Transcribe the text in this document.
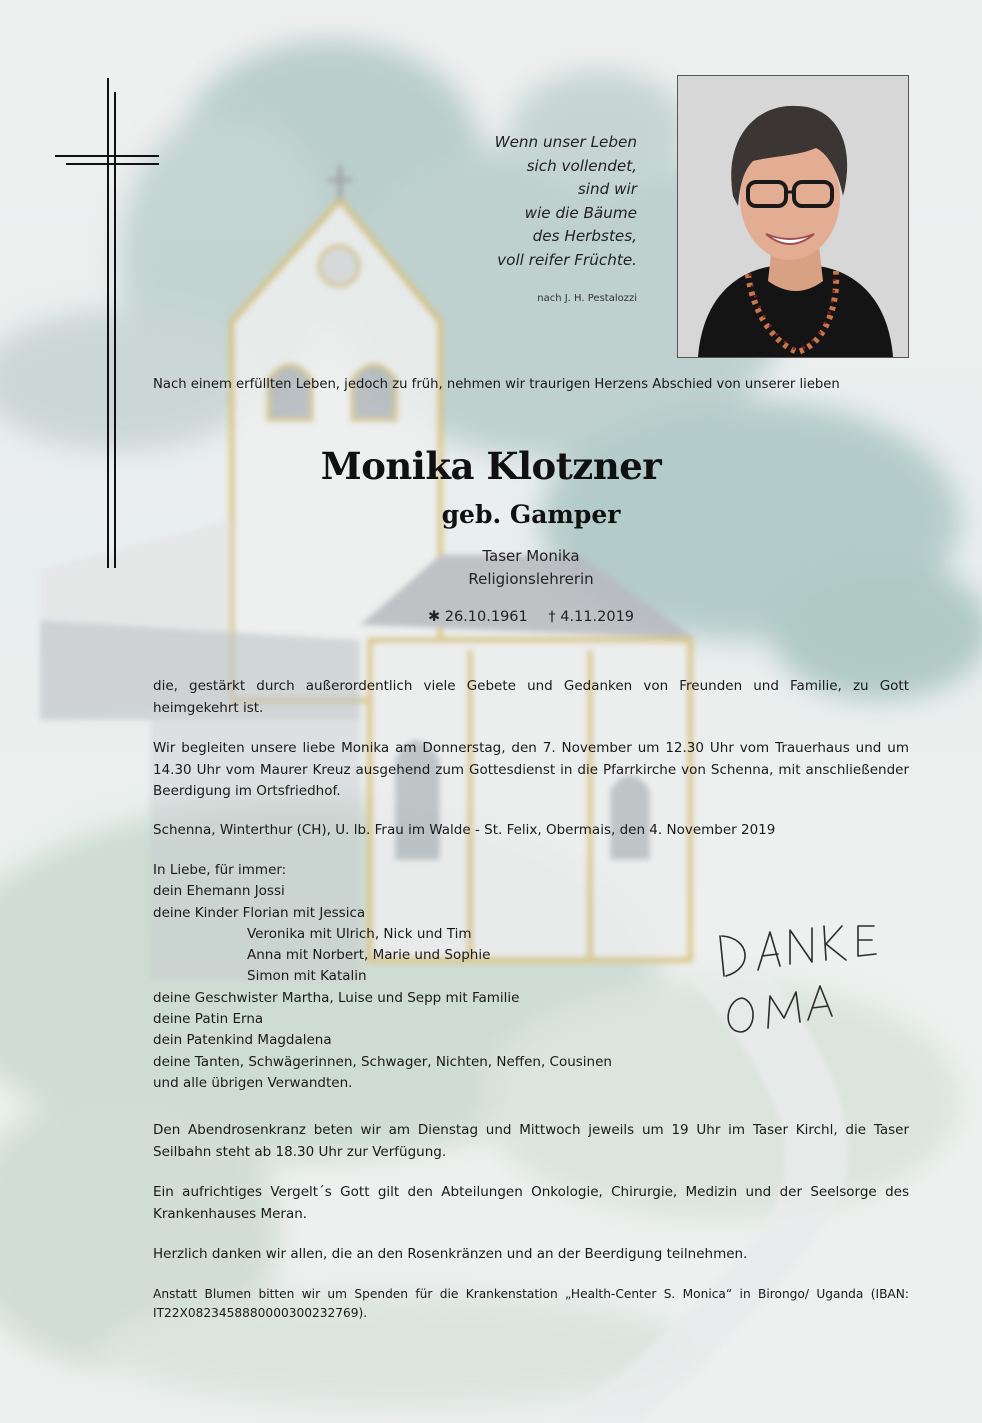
Wenn unser Leben
sich vollendet,
sind wir
wie die Bäume
des Herbstes,
voll reifer Früchte.
nach J. H. Pestalozzi
Nach einem erfüllten Leben, jedoch zu früh, nehmen wir traurigen Herzens Abschied von unserer lieben
Monika Klotzner
geb. Gamper
Taser Monika
Religionslehrerin
✱ 26.10.1961 † 4.11.2019
die, gestärkt durch außerordentlich viele Gebete und Gedanken von Freunden und Familie, zu Gott heimgekehrt ist.
Wir begleiten unsere liebe Monika am Donnerstag, den 7. November um 12.30 Uhr vom Trauerhaus und um 14.30 Uhr vom Maurer Kreuz ausgehend zum Gottesdienst in die Pfarrkirche von Schenna, mit anschließender Beerdigung im Ortsfriedhof.
Schenna, Winterthur (CH), U. lb. Frau im Walde - St. Felix, Obermais, den 4. November 2019
In Liebe, für immer:
dein Ehemann Jossi
deine Kinder Florian mit Jessica
Veronika mit Ulrich, Nick und Tim
Anna mit Norbert, Marie und Sophie
Simon mit Katalin
deine Geschwister Martha, Luise und Sepp mit Familie
deine Patin Erna
dein Patenkind Magdalena
deine Tanten, Schwägerinnen, Schwager, Nichten, Neffen, Cousinen
und alle übrigen Verwandten.
Den Abendrosenkranz beten wir am Dienstag und Mittwoch jeweils um 19 Uhr im Taser Kirchl, die Taser Seilbahn steht ab 18.30 Uhr zur Verfügung.
Ein aufrichtiges Vergelt´s Gott gilt den Abteilungen Onkologie, Chirurgie, Medizin und der Seelsorge des Krankenhauses Meran.
Herzlich danken wir allen, die an den Rosenkränzen und an der Beerdigung teilnehmen.
Anstatt Blumen bitten wir um Spenden für die Krankenstation „Health-Center S. Monica“ in Birongo/ Uganda (IBAN: IT22X0823458880000300232769).
